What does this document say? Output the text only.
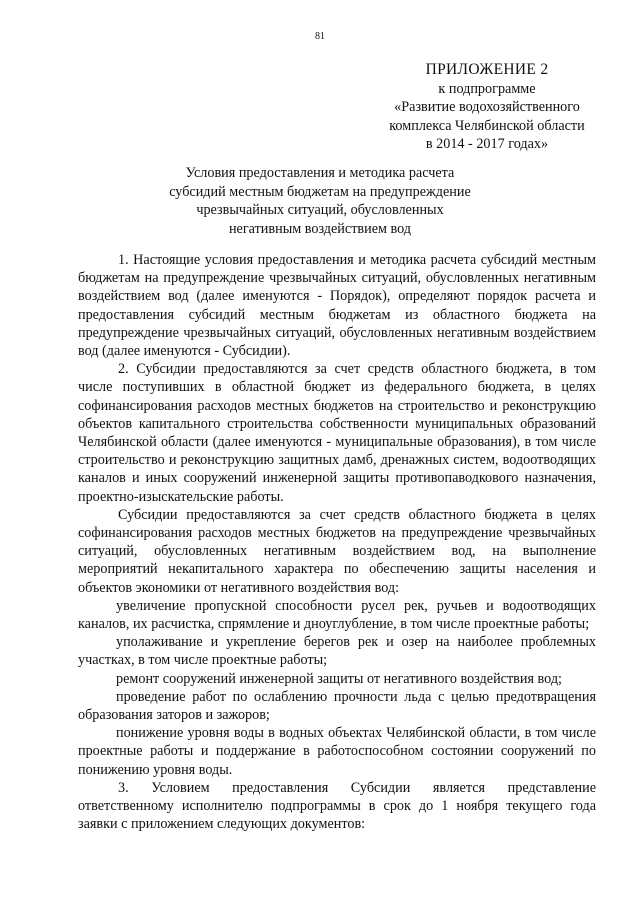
81
ПРИЛОЖЕНИЕ 2
к подпрограмме
«Развитие водохозяйственного
комплекса Челябинской области
в 2014 - 2017 годах»
Условия предоставления и методика расчета
субсидий местным бюджетам на предупреждение
чрезвычайных ситуаций, обусловленных
негативным воздействием вод

1. Настоящие условия предоставления и методика расчета субсидий местным бюджетам на предупреждение чрезвычайных ситуаций, обусловленных негативным воздействием вод (далее именуются - Порядок), определяют порядок расчета и предоставления субсидий местным бюджетам из областного бюджета на предупреждение чрезвычайных ситуаций, обусловленных негативным воздействием вод (далее именуются - Субсидии).

2. Субсидии предоставляются за счет средств областного бюджета, в том числе поступивших в областной бюджет из федерального бюджета, в целях софинансирования расходов местных бюджетов на строительство и реконструкцию объектов капитального строительства собственности муниципальных образований Челябинской области (далее именуются - муниципальные образования), в том числе строительство и реконструкцию защитных дамб, дренажных систем, водоотводящих каналов и иных сооружений инженерной защиты противопаводкового назначения, проектно-изыскательские работы.

Субсидии предоставляются за счет средств областного бюджета в целях софинансирования расходов местных бюджетов на предупреждение чрезвычайных ситуаций, обусловленных негативным воздействием вод, на выполнение мероприятий некапитального характера по обеспечению защиты населения и объектов экономики от негативного воздействия вод:

увеличение пропускной способности русел рек, ручьев и водоотводящих каналов, их расчистка, спрямление и дноуглубление, в том числе проектные работы;

уполаживание и укрепление берегов рек и озер на наиболее проблемных участках, в том числе проектные работы;

ремонт сооружений инженерной защиты от негативного воздействия вод;

проведение работ по ослаблению прочности льда с целью предотвращения образования заторов и зажоров;

понижение уровня воды в водных объектах Челябинской области, в том числе проектные работы и поддержание в работоспособном состоянии сооружений по понижению уровня воды.

3. Условием предоставления Субсидии является представление ответственному исполнителю подпрограммы в срок до 1 ноября текущего года заявки с приложением следующих документов:
